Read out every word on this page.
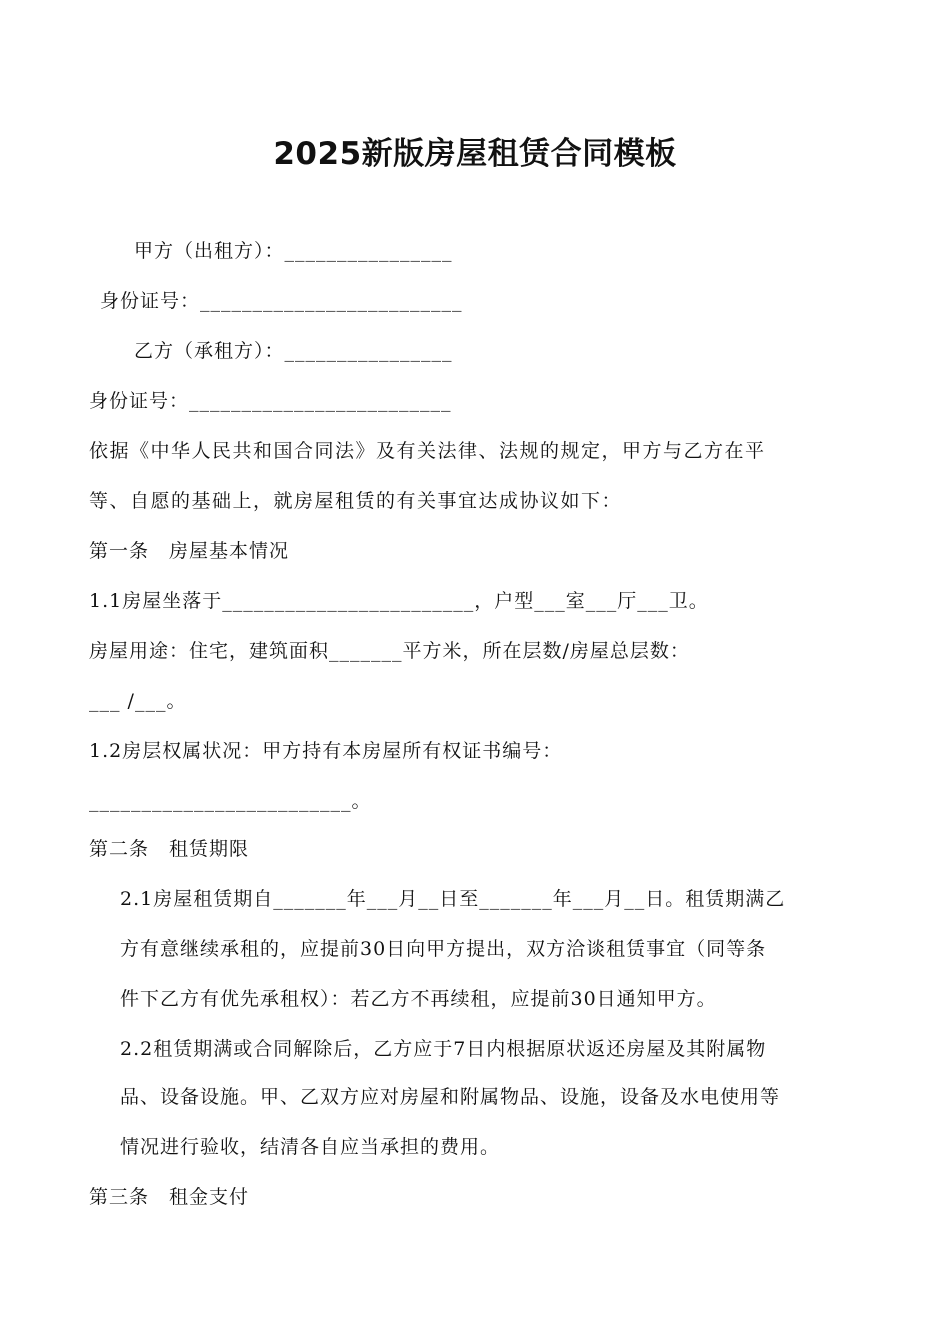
2025新版房屋租赁合同模板
甲方（出租方）：________________
身份证号：_________________________
乙方（承租方）：________________
身份证号：_________________________
依据《中华人民共和国合同法》及有关法律、法规的规定，甲方与乙方在平
等、自愿的基础上，就房屋租赁的有关事宜达成协议如下：
第一条　房屋基本情况
1.1房屋坐落于________________________，户型___室___厅___卫。
房屋用途：住宅，建筑面积_______平方米，所在层数/房屋总层数：
___ /___。
1.2房层权属状况：甲方持有本房屋所有权证书编号：
_________________________。
第二条　租赁期限
2.1房屋租赁期自_______年___月__日至_______年___月__日。租赁期满乙
方有意继续承租的，应提前30日向甲方提出，双方洽谈租赁事宜（同等条
件下乙方有优先承租权）：若乙方不再续租，应提前30日通知甲方。
2.2租赁期满或合同解除后，乙方应于7日内根据原状返还房屋及其附属物
品、设备设施。甲、乙双方应对房屋和附属物品、设施，设备及水电使用等
情况进行验收，结清各自应当承担的费用。
第三条　租金支付
